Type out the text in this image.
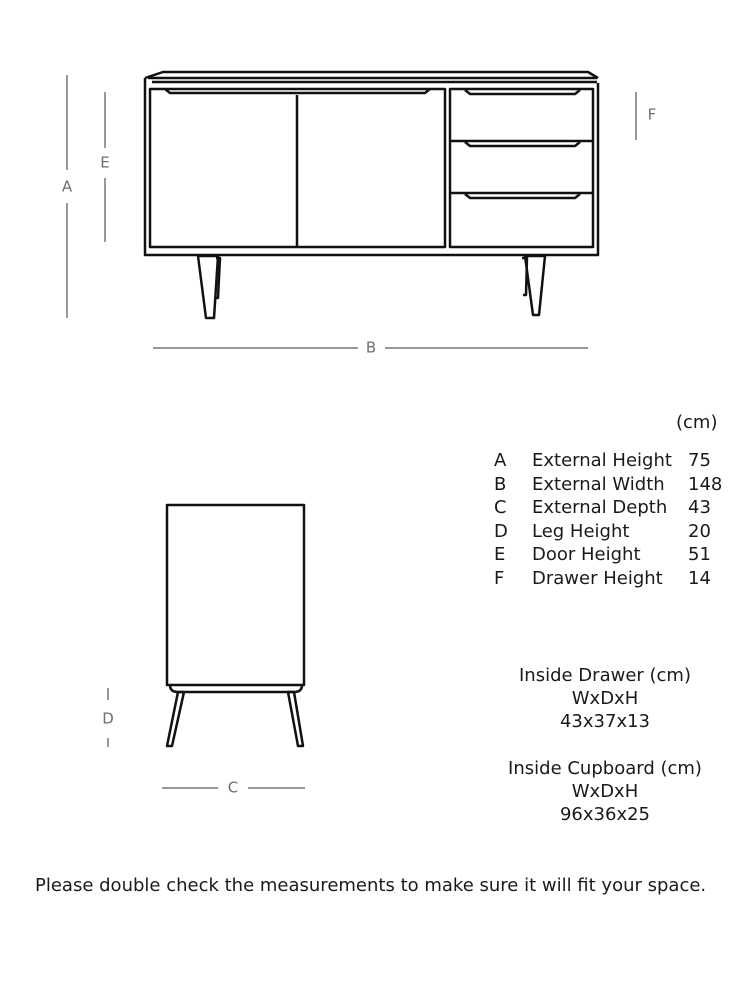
A
E
F
B
D
C
(cm)
A	External Height 75
B	External Width	148
C	External Depth	43
D	Leg Height	20
E	Door Height	51
F	Drawer Height	14
Inside Drawer (cm)
WxDxH
43x37x13
Inside Cupboard (cm)
WxDxH
96x36x25
Please double check the measurements to make sure it will fit your space.
